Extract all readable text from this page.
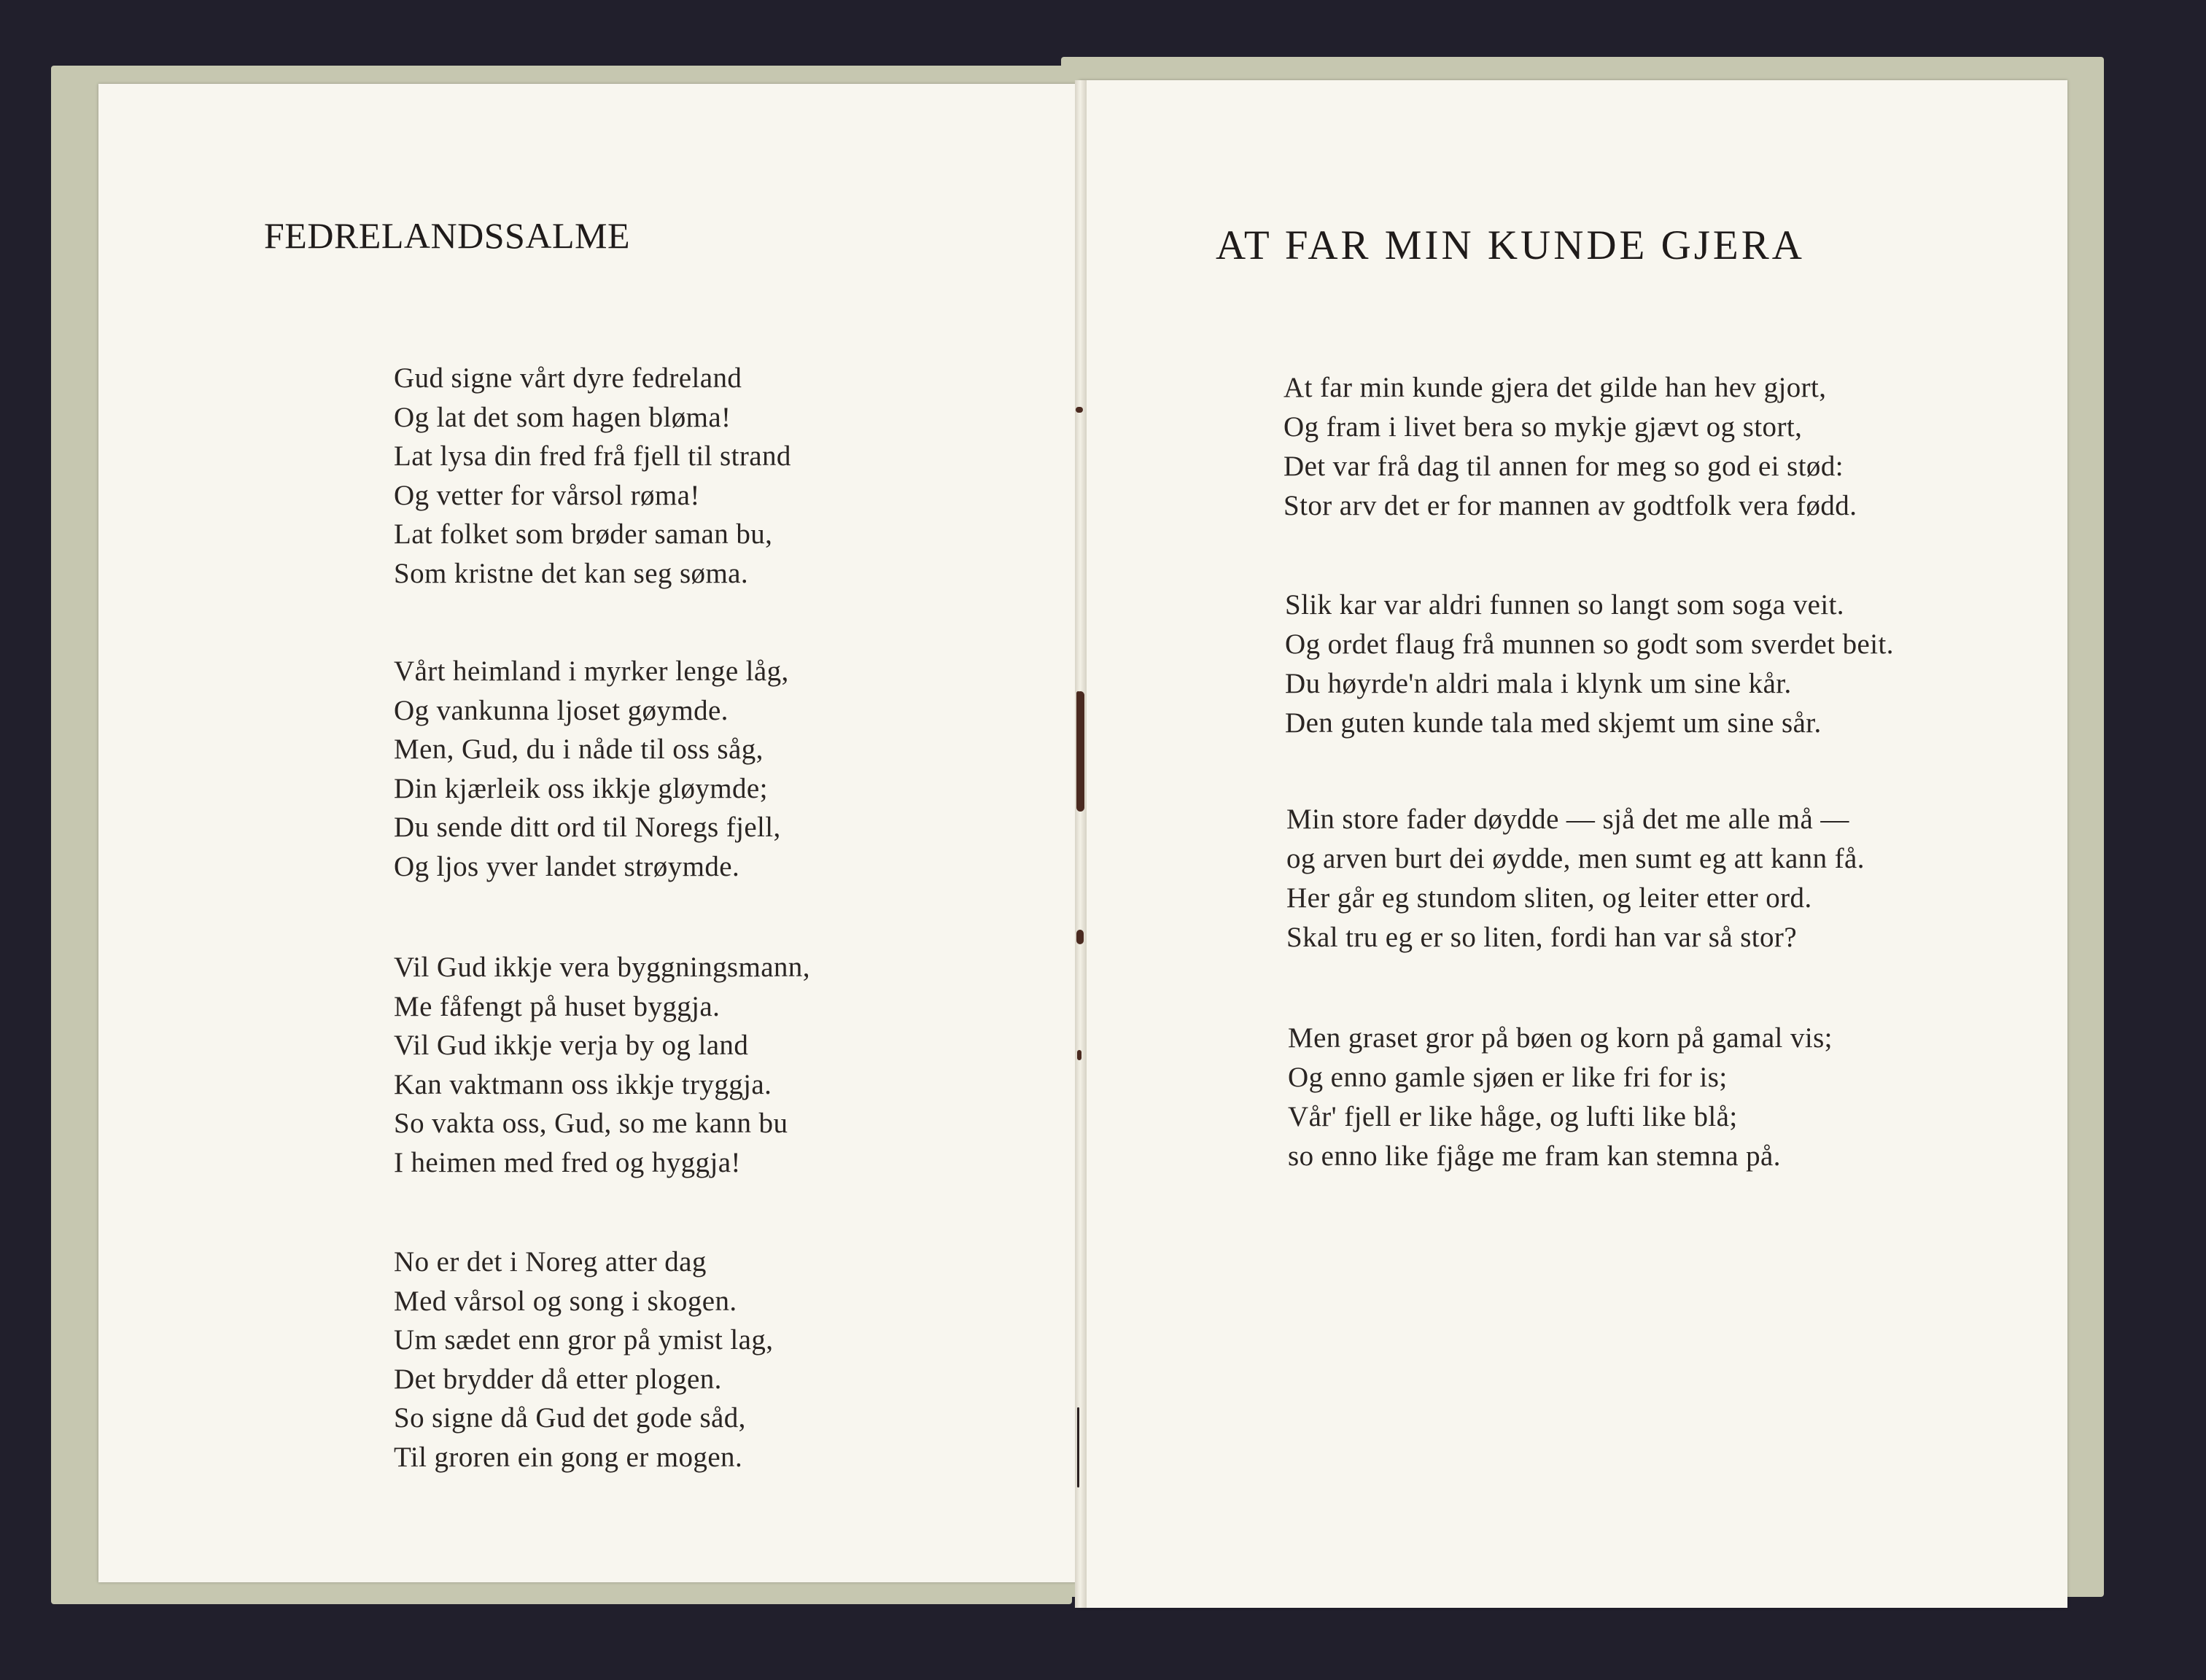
FEDRELANDSSALME
Gud signe vårt dyre fedreland
Og lat det som hagen bløma!
Lat lysa din fred frå fjell til strand
Og vetter for vårsol røma!
Lat folket som brøder saman bu,
Som kristne det kan seg søma.
Vårt heimland i myrker lenge låg,
Og vankunna ljoset gøymde.
Men, Gud, du i nåde til oss såg,
Din kjærleik oss ikkje gløymde;
Du sende ditt ord til Noregs fjell,
Og ljos yver landet strøymde.
Vil Gud ikkje vera byggningsmann,
Me fåfengt på huset byggja.
Vil Gud ikkje verja by og land
Kan vaktmann oss ikkje tryggja.
So vakta oss, Gud, so me kann bu
I heimen med fred og hyggja!
No er det i Noreg atter dag
Med vårsol og song i skogen.
Um sædet enn gror på ymist lag,
Det brydder då etter plogen.
So signe då Gud det gode såd,
Til groren ein gong er mogen.
AT FAR MIN KUNDE GJERA
At far min kunde gjera det gilde han hev gjort,
Og fram i livet bera so mykje gjævt og stort,
Det var frå dag til annen for meg so god ei stød:
Stor arv det er for mannen av godtfolk vera fødd.
Slik kar var aldri funnen so langt som soga veit.
Og ordet flaug frå munnen so godt som sverdet beit.
Du høyrde'n aldri mala i klynk um sine kår.
Den guten kunde tala med skjemt um sine sår.
Min store fader døydde — sjå det me alle må —
og arven burt dei øydde, men sumt eg att kann få.
Her går eg stundom sliten, og leiter etter ord.
Skal tru eg er so liten, fordi han var så stor?
Men graset gror på bøen og korn på gamal vis;
Og enno gamle sjøen er like fri for is;
Vår' fjell er like håge, og lufti like blå;
so enno like fjåge me fram kan stemna på.
